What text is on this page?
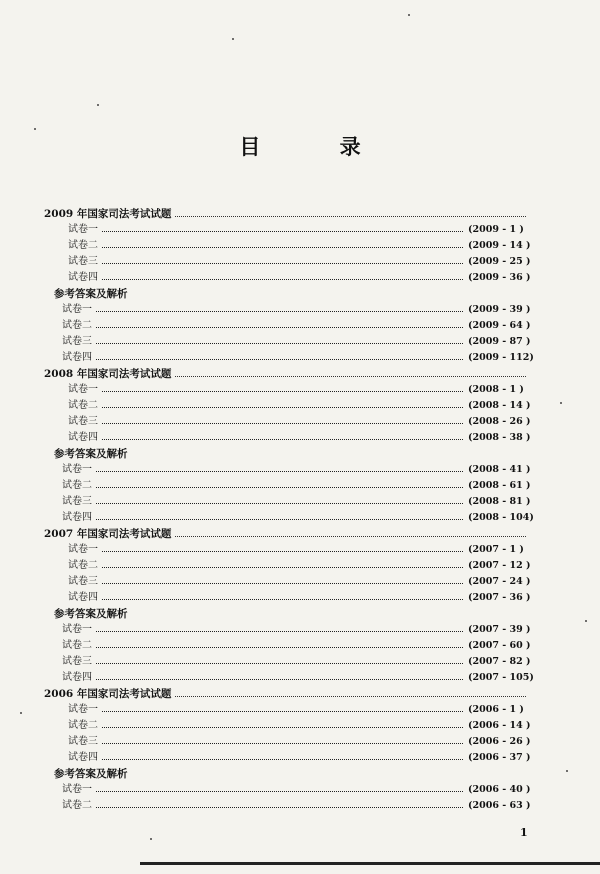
目 录
2009 年国家司法考试试题
试卷一	(2009 - 1 )
试卷二	(2009 - 14 )
试卷三	(2009 - 25 )
试卷四	(2009 - 36 )
参考答案及解析
试卷一	(2009 - 39 )
试卷二	(2009 - 64 )
试卷三	(2009 - 87 )
试卷四	(2009 - 112)
2008 年国家司法考试试题
试卷一	(2008 - 1 )
试卷二	(2008 - 14 )
试卷三	(2008 - 26 )
试卷四	(2008 - 38 )
参考答案及解析
试卷一	(2008 - 41 )
试卷二	(2008 - 61 )
试卷三	(2008 - 81 )
试卷四	(2008 - 104)
2007 年国家司法考试试题
试卷一	(2007 - 1 )
试卷二	(2007 - 12 )
试卷三	(2007 - 24 )
试卷四	(2007 - 36 )
参考答案及解析
试卷一	(2007 - 39 )
试卷二	(2007 - 60 )
试卷三	(2007 - 82 )
试卷四	(2007 - 105)
2006 年国家司法考试试题
试卷一	(2006 - 1 )
试卷二	(2006 - 14 )
试卷三	(2006 - 26 )
试卷四	(2006 - 37 )
参考答案及解析
试卷一	(2006 - 40 )
试卷二	(2006 - 63 )
1
